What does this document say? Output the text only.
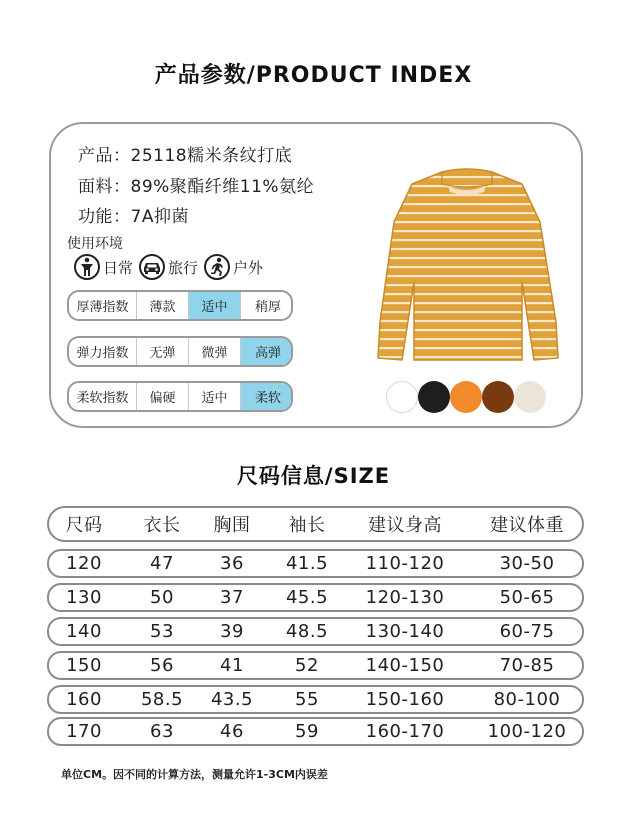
产品参数/PRODUCT INDEX
产品：25118糯米条纹打底
面料：89%聚酯纤维11%氨纶
功能：7A抑菌
使用环境
日常 旅行 户外
厚薄指数	薄款	适中	稍厚
弹力指数	无弹	微弹	高弹
柔软指数	偏硬	适中	柔软
尺码信息/SIZE
尺码	衣长	胸围	袖长	建议身高	建议体重
120	47	36	41.5	110-120	30-50
130	50	37	45.5	120-130	50-65
140	53	39	48.5	130-140	60-75
150	56	41	52	140-150	70-85
160	58.5	43.5	55	150-160	80-100
170	63	46	59	160-170	100-120
单位CM。因不同的计算方法，测量允许1-3CM内误差
